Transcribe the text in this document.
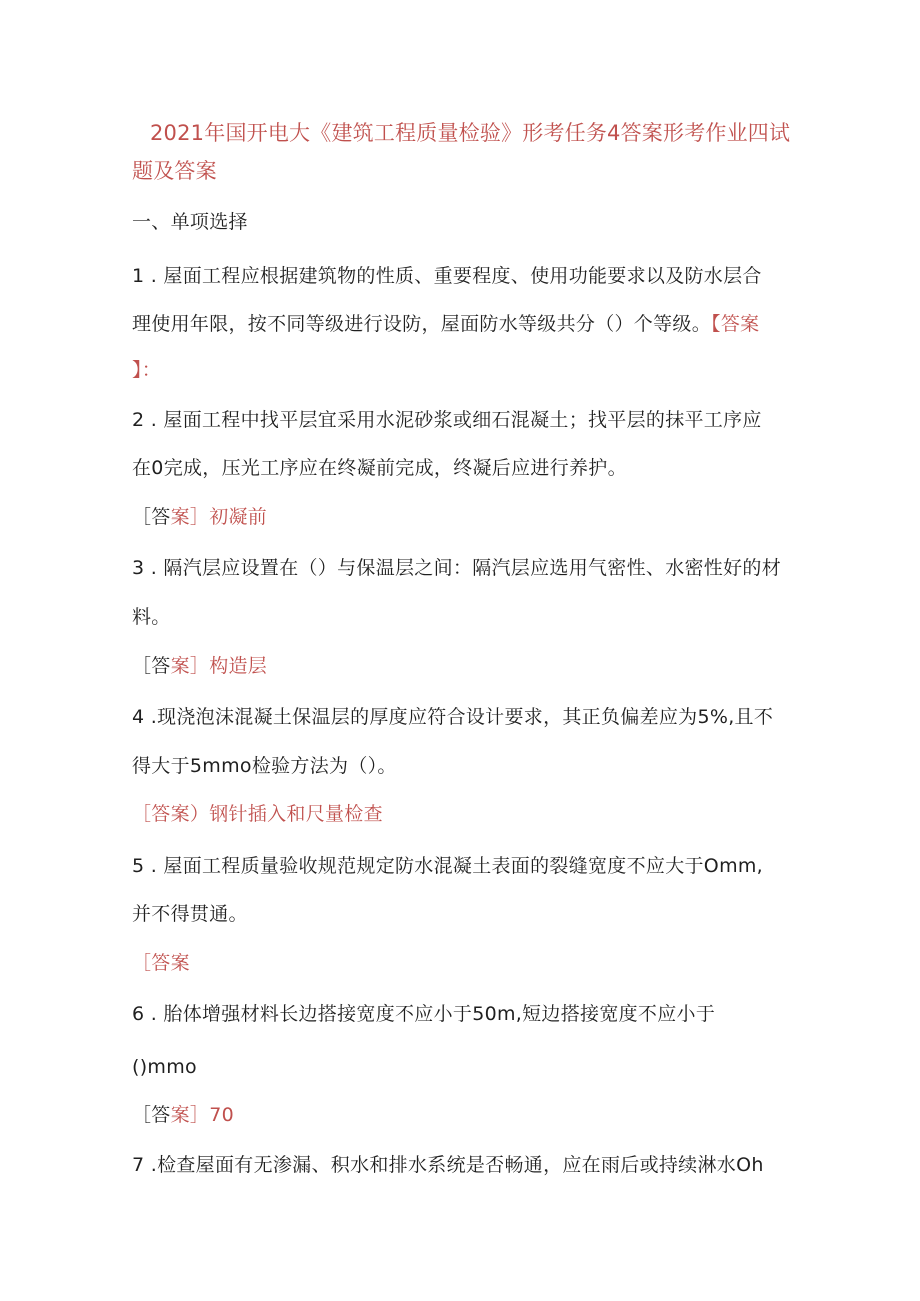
2021年国开电大《建筑工程质量检验》形考任务4答案形考作业四试题及答案
一、单项选择
1 . 屋面工程应根据建筑物的性质、重要程度、使用功能要求以及防水层合
理使用年限，按不同等级进行设防，屋面防水等级共分（）个等级。【答案
】：
2 . 屋面工程中找平层宜采用水泥砂浆或细石混凝土；找平层的抹平工序应
在0完成，压光工序应在终凝前完成，终凝后应进行养护。
［答案］初凝前
3 . 隔汽层应设置在（）与保温层之间：隔汽层应选用气密性、水密性好的材
料。
［答案］构造层
4 .现浇泡沫混凝土保温层的厚度应符合设计要求，其正负偏差应为5%,且不
得大于5mmo检验方法为（）。
［答案）钢针插入和尺量检查
5 . 屋面工程质量验收规范规定防水混凝土表面的裂缝宽度不应大于Omm,
并不得贯通。
［答案
6 . 胎体增强材料长边搭接宽度不应小于50m,短边搭接宽度不应小于
()mmo
［答案］70
7 .检查屋面有无渗漏、积水和排水系统是否畅通，应在雨后或持续淋水Oh
